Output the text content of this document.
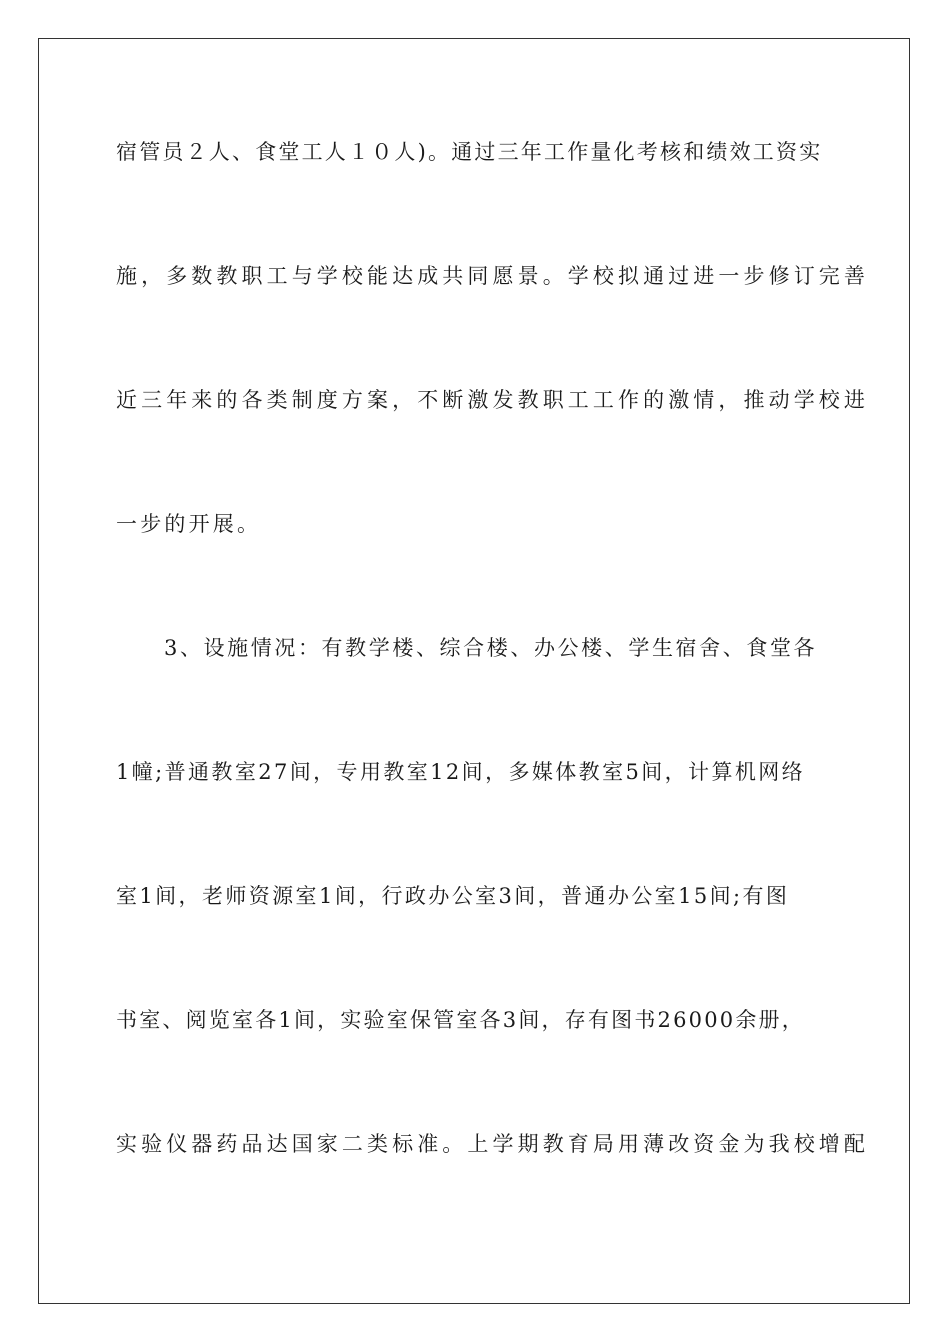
宿管员２人、食堂工人１０人)。通过三年工作量化考核和绩效工资实
施，多数教职工与学校能达成共同愿景。学校拟通过进一步修订完善
近三年来的各类制度方案，不断激发教职工工作的激情，推动学校进
一步的开展。
3、设施情况：有教学楼、综合楼、办公楼、学生宿舍、食堂各
1幢;普通教室27间，专用教室12间，多媒体教室5间，计算机网络
室1间，老师资源室1间，行政办公室3间，普通办公室15间;有图
书室、阅览室各1间，实验室保管室各3间，存有图书26000余册，
实验仪器药品达国家二类标准。上学期教育局用薄改资金为我校增配
